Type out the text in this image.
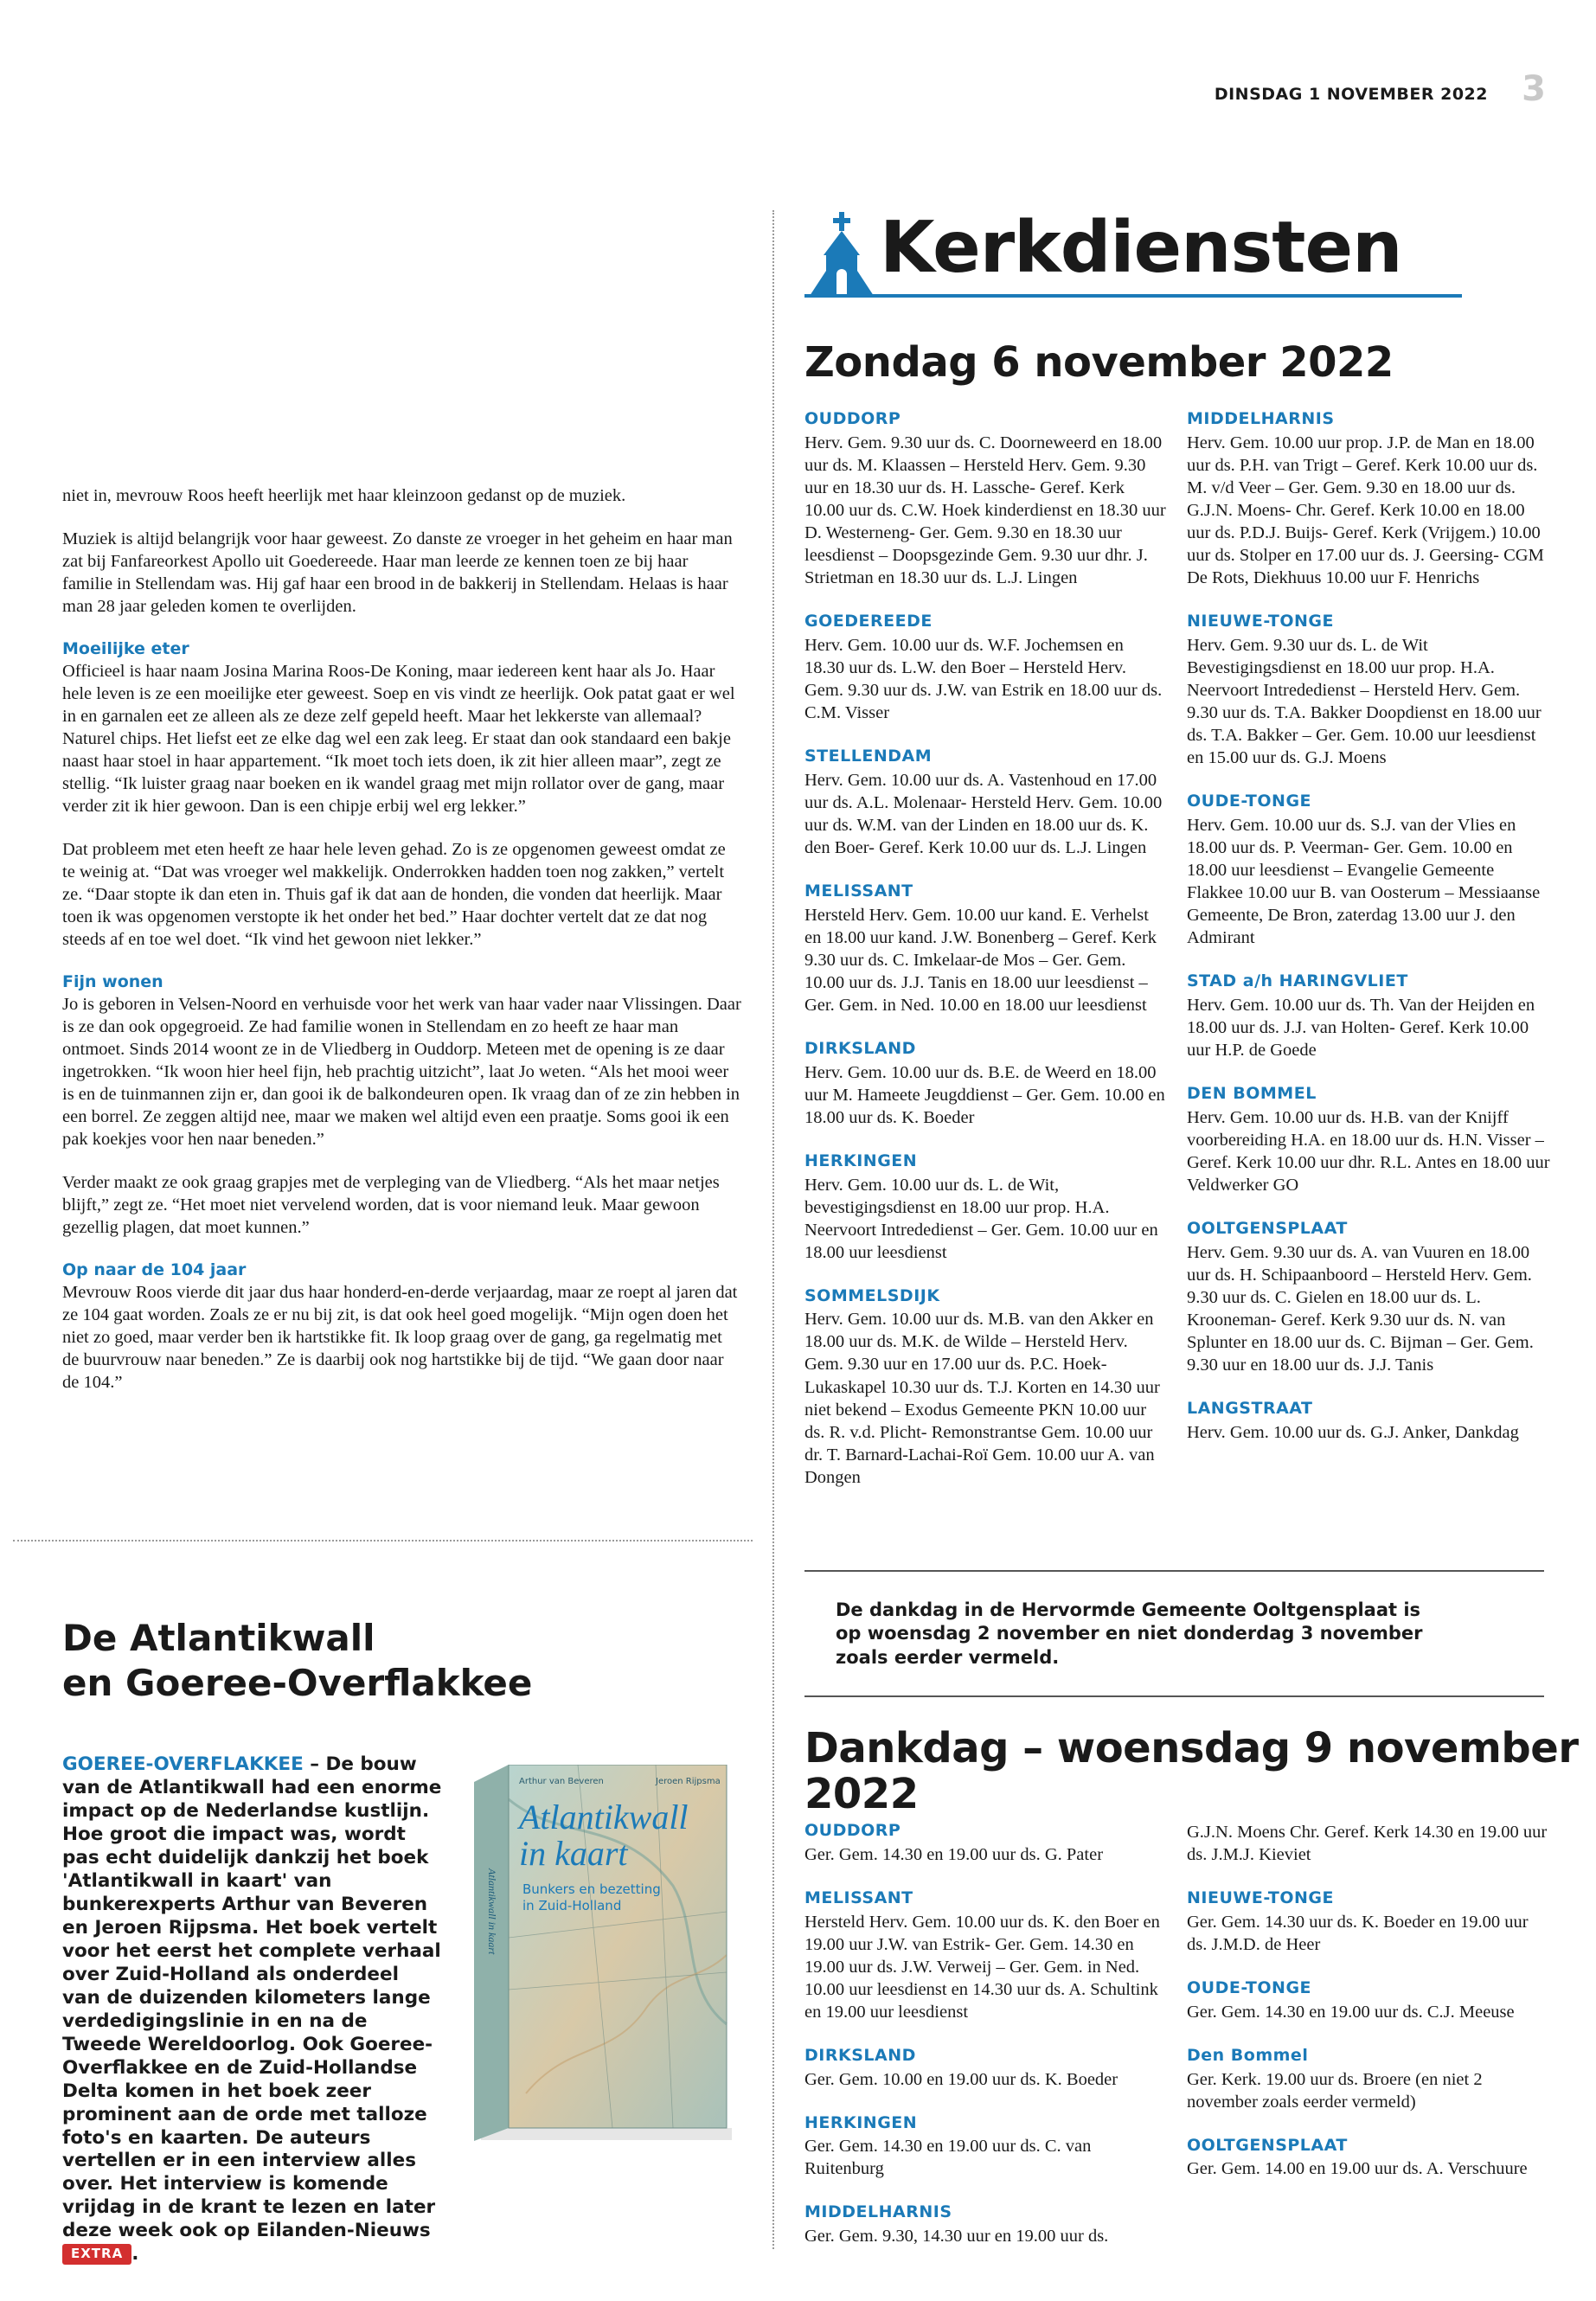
DINSDAG 1 NOVEMBER 2022 3
Kerkdiensten
Zondag 6 november 2022
OUDDORP
Herv. Gem. 9.30 uur ds. C. Doorneweerd en 18.00 uur ds. M. Klaassen – Hersteld Herv. Gem. 9.30 uur en 18.30 uur ds. H. Lassche- Geref. Kerk 10.00 uur ds. C.W. Hoek kinderdienst en 18.30 uur D. Westerneng- Ger. Gem. 9.30 en 18.30 uur leesdienst – Doopsgezinde Gem. 9.30 uur dhr. J. Strietman en 18.30 uur ds. L.J. Lingen
GOEDEREEDE
Herv. Gem. 10.00 uur ds. W.F. Jochemsen en 18.30 uur ds. L.W. den Boer – Hersteld Herv. Gem. 9.30 uur ds. J.W. van Estrik en 18.00 uur ds. C.M. Visser
STELLENDAM
Herv. Gem. 10.00 uur ds. A. Vastenhoud en 17.00 uur ds. A.L. Molenaar- Hersteld Herv. Gem. 10.00 uur ds. W.M. van der Linden en 18.00 uur ds. K. den Boer- Geref. Kerk 10.00 uur ds. L.J. Lingen
MELISSANT
Hersteld Herv. Gem. 10.00 uur kand. E. Verhelst en 18.00 uur kand. J.W. Bonenberg – Geref. Kerk 9.30 uur ds. C. Imkelaar-de Mos – Ger. Gem. 10.00 uur ds. J.J. Tanis en 18.00 uur leesdienst – Ger. Gem. in Ned. 10.00 en 18.00 uur leesdienst
DIRKSLAND
Herv. Gem. 10.00 uur ds. B.E. de Weerd en 18.00 uur M. Hameete Jeugddienst – Ger. Gem. 10.00 en 18.00 uur ds. K. Boeder
HERKINGEN
Herv. Gem. 10.00 uur ds. L. de Wit, bevestigingsdienst en 18.00 uur prop. H.A. Neervoort Intrededienst – Ger. Gem. 10.00 uur en 18.00 uur leesdienst
SOMMELSDIJK
Herv. Gem. 10.00 uur ds. M.B. van den Akker en 18.00 uur ds. M.K. de Wilde – Hersteld Herv. Gem. 9.30 uur en 17.00 uur ds. P.C. Hoek- Lukaskapel 10.30 uur ds. T.J. Korten en 14.30 uur niet bekend – Exodus Gemeente PKN 10.00 uur ds. R. v.d. Plicht- Remonstrantse Gem. 10.00 uur dr. T. Barnard-Lachai-Roï Gem. 10.00 uur A. van Dongen
MIDDELHARNIS
Herv. Gem. 10.00 uur prop. J.P. de Man en 18.00 uur ds. P.H. van Trigt – Geref. Kerk 10.00 uur ds. M. v/d Veer – Ger. Gem. 9.30 en 18.00 uur ds. G.J.N. Moens- Chr. Geref. Kerk 10.00 en 18.00 uur ds. P.D.J. Buijs- Geref. Kerk (Vrijgem.) 10.00 uur ds. Stolper en 17.00 uur ds. J. Geersing- CGM De Rots, Diekhuus 10.00 uur F. Henrichs
NIEUWE-TONGE
Herv. Gem. 9.30 uur ds. L. de Wit Bevestigingsdienst en 18.00 uur prop. H.A. Neervoort Intrededienst – Hersteld Herv. Gem. 9.30 uur ds. T.A. Bakker Doopdienst en 18.00 uur ds. T.A. Bakker – Ger. Gem. 10.00 uur leesdienst en 15.00 uur ds. G.J. Moens
OUDE-TONGE
Herv. Gem. 10.00 uur ds. S.J. van der Vlies en 18.00 uur ds. P. Veerman- Ger. Gem. 10.00 en 18.00 uur leesdienst – Evangelie Gemeente Flakkee 10.00 uur B. van Oosterum – Messiaanse Gemeente, De Bron, zaterdag 13.00 uur J. den Admirant
STAD a/h HARINGVLIET
Herv. Gem. 10.00 uur ds. Th. Van der Heijden en 18.00 uur ds. J.J. van Holten- Geref. Kerk 10.00 uur H.P. de Goede
DEN BOMMEL
Herv. Gem. 10.00 uur ds. H.B. van der Knijff voorbereiding H.A. en 18.00 uur ds. H.N. Visser – Geref. Kerk 10.00 uur dhr. R.L. Antes en 18.00 uur Veldwerker GO
OOLTGENSPLAAT
Herv. Gem. 9.30 uur ds. A. van Vuuren en 18.00 uur ds. H. Schipaanboord – Hersteld Herv. Gem. 9.30 uur ds. C. Gielen en 18.00 uur ds. L. Krooneman- Geref. Kerk 9.30 uur ds. N. van Splunter en 18.00 uur ds. C. Bijman – Ger. Gem. 9.30 uur en 18.00 uur ds. J.J. Tanis
LANGSTRAAT
Herv. Gem. 10.00 uur ds. G.J. Anker, Dankdag
De dankdag in de Hervormde Gemeente Ooltgensplaat is op woensdag 2 november en niet donderdag 3 november zoals eerder vermeld.
Dankdag – woensdag 9 november 2022
OUDDORP
Ger. Gem. 14.30 en 19.00 uur ds. G. Pater
MELISSANT
Hersteld Herv. Gem. 10.00 uur ds. K. den Boer en 19.00 uur J.W. van Estrik- Ger. Gem. 14.30 en 19.00 uur ds. J.W. Verweij – Ger. Gem. in Ned. 10.00 uur leesdienst en 14.30 uur ds. A. Schultink en 19.00 uur leesdienst
DIRKSLAND
Ger. Gem. 10.00 en 19.00 uur ds. K. Boeder
HERKINGEN
Ger. Gem. 14.30 en 19.00 uur ds. C. van Ruitenburg
MIDDELHARNIS
Ger. Gem. 9.30, 14.30 uur en 19.00 uur ds.
G.J.N. Moens Chr. Geref. Kerk 14.30 en 19.00 uur ds. J.M.J. Kieviet
NIEUWE-TONGE
Ger. Gem. 14.30 uur ds. K. Boeder en 19.00 uur ds. J.M.D. de Heer
OUDE-TONGE
Ger. Gem. 14.30 en 19.00 uur ds. C.J. Meeuse
Den Bommel
Ger. Kerk. 19.00 uur ds. Broere (en niet 2 november zoals eerder vermeld)
OOLTGENSPLAAT
Ger. Gem. 14.00 en 19.00 uur ds. A. Verschuure

niet in, mevrouw Roos heeft heerlijk met haar kleinzoon gedanst op de muziek.

Muziek is altijd belangrijk voor haar geweest. Zo danste ze vroeger in het geheim en haar man zat bij Fanfareorkest Apollo uit Goedereede. Haar man leerde ze kennen toen ze bij haar familie in Stellendam was. Hij gaf haar een brood in de bakkerij in Stellendam. Helaas is haar man 28 jaar geleden komen te overlijden.

Moeilijke eter

Officieel is haar naam Josina Marina Roos-De Koning, maar iedereen kent haar als Jo. Haar hele leven is ze een moeilijke eter geweest. Soep en vis vindt ze heerlijk. Ook patat gaat er wel in en garnalen eet ze alleen als ze deze zelf gepeld heeft. Maar het lekkerste van allemaal? Naturel chips. Het liefst eet ze elke dag wel een zak leeg. Er staat dan ook standaard een bakje naast haar stoel in haar appartement. “Ik moet toch iets doen, ik zit hier alleen maar”, zegt ze stellig. “Ik luister graag naar boeken en ik wandel graag met mijn rollator over de gang, maar verder zit ik hier gewoon. Dan is een chipje erbij wel erg lekker.”

Dat probleem met eten heeft ze haar hele leven gehad. Zo is ze opgenomen geweest omdat ze te weinig at. “Dat was vroeger wel makkelijk. Onderrokken hadden toen nog zakken,” vertelt ze. “Daar stopte ik dan eten in. Thuis gaf ik dat aan de honden, die vonden dat heerlijk. Maar toen ik was opgenomen verstopte ik het onder het bed.” Haar dochter vertelt dat ze dat nog steeds af en toe wel doet. “Ik vind het gewoon niet lekker.”

Fijn wonen

Jo is geboren in Velsen-Noord en verhuisde voor het werk van haar vader naar Vlissingen. Daar is ze dan ook opgegroeid. Ze had familie wonen in Stellendam en zo heeft ze haar man ontmoet. Sinds 2014 woont ze in de Vliedberg in Ouddorp. Meteen met de opening is ze daar ingetrokken. “Ik woon hier heel fijn, heb prachtig uitzicht”, laat Jo weten. “Als het mooi weer is en de tuinmannen zijn er, dan gooi ik de balkondeuren open. Ik vraag dan of ze zin hebben in een borrel. Ze zeggen altijd nee, maar we maken wel altijd even een praatje. Soms gooi ik een pak koekjes voor hen naar beneden.”

Verder maakt ze ook graag grapjes met de verpleging van de Vliedberg. “Als het maar netjes blijft,” zegt ze. “Het moet niet vervelend worden, dat is voor niemand leuk. Maar gewoon gezellig plagen, dat moet kunnen.”

Op naar de 104 jaar

Mevrouw Roos vierde dit jaar dus haar honderd-en-derde verjaardag, maar ze roept al jaren dat ze 104 gaat worden. Zoals ze er nu bij zit, is dat ook heel goed mogelijk. “Mijn ogen doen het niet zo goed, maar verder ben ik hartstikke fit. Ik loop graag over de gang, ga regelmatig met de buurvrouw naar beneden.” Ze is daarbij ook nog hartstikke bij de tijd. “We gaan door naar de 104.”

De Atlantikwall
en Goeree-Overflakkee
GOEREE-OVERFLAKKEE – De bouw van de Atlantikwall had een enorme impact op de Nederlandse kustlijn. Hoe groot die impact was, wordt pas echt duidelijk dankzij het boek 'Atlantikwall in kaart' van bunkerexperts Arthur van Beveren en Jeroen Rijpsma. Het boek vertelt voor het eerst het complete verhaal over Zuid-Holland als onderdeel van de duizenden kilometers lange verdedigingslinie in en na de Tweede Wereldoorlog. Ook Goeree-Overflakkee en de Zuid-Hollandse Delta komen in het boek zeer prominent aan de orde met talloze foto's en kaarten. De auteurs vertellen er in een interview alles over. Het interview is komende vrijdag in de krant te lezen en later deze week ook op Eilanden-Nieuws EXTRA .
Arthur van Beveren	Jeroen Rijpsma
Atlantikwall
in kaart
Bunkers en bezetting
in Zuid-Holland
Atlantikwall in kaart
